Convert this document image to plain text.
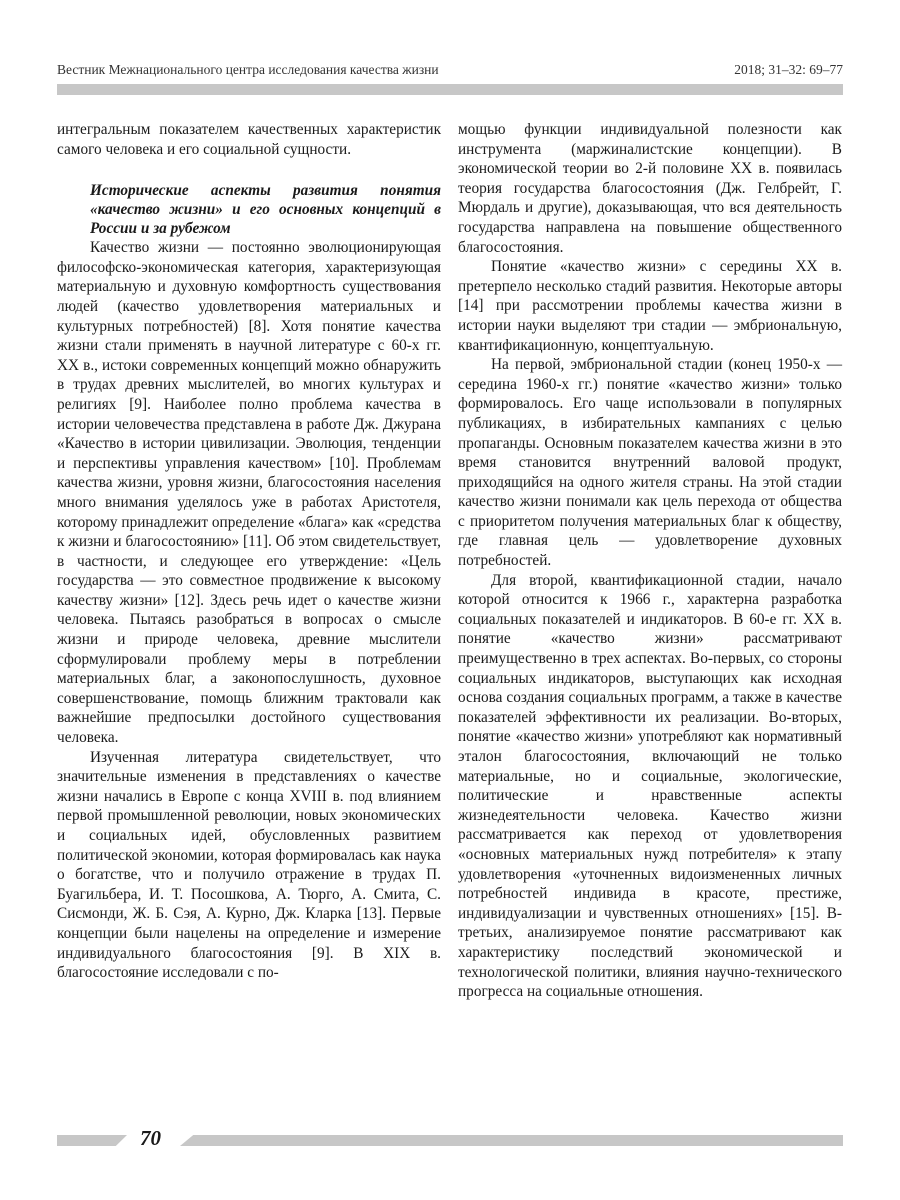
Вестник Межнационального центра исследования качества жизни	2018; 31–32: 69–77

интегральным показателем качественных характеристик самого человека и его социальной сущности.

Исторические аспекты развития понятия «качество жизни» и его основных концепций в России и за рубежом

Качество жизни — постоянно эволюционирующая философско-экономическая категория, характеризующая материальную и духовную комфортность существования людей (качество удовлетворения материальных и культурных потребностей) [8]. Хотя понятие качества жизни стали применять в научной литературе с 60-х гг. XX в., истоки современных концепций можно обнаружить в трудах древних мыслителей, во многих культурах и религиях [9]. Наиболее полно проблема качества в истории человечества представлена в работе Дж. Джурана «Качество в истории цивилизации. Эволюция, тенденции и перспективы управления качеством» [10]. Проблемам качества жизни, уровня жизни, благосостояния населения много внимания уделялось уже в работах Аристотеля, которому принадлежит определение «блага» как «средства к жизни и благосостоянию» [11]. Об этом свидетельствует, в частности, и следующее его утверждение: «Цель государства — это совместное продвижение к высокому качеству жизни» [12]. Здесь речь идет о качестве жизни человека. Пытаясь разобраться в вопросах о смысле жизни и природе человека, древние мыслители сформулировали проблему меры в потреблении материальных благ, а законопослушность, духовное совершенствование, помощь ближним трактовали как важнейшие предпосылки достойного существования человека.

Изученная литература свидетельствует, что значительные изменения в представлениях о качестве жизни начались в Европе с конца XVIII в. под влиянием первой промышленной революции, новых экономических и социальных идей, обусловленных развитием политической экономии, которая формировалась как наука о богатстве, что и получило отражение в трудах П. Буагильбера, И. Т. Посошкова, А. Тюрго, А. Смита, С. Сисмонди, Ж. Б. Сэя, А. Курно, Дж. Кларка [13]. Первые концепции были нацелены на определение и измерение индивидуального благосостояния [9]. В XIX в. благосостояние исследовали с по-

мощью функции индивидуальной полезности как инструмента (маржиналистские концепции). В экономической теории во 2-й половине XX в. появилась теория государства благосостояния (Дж. Гелбрейт, Г. Мюрдаль и другие), доказывающая, что вся деятельность государства направлена на повышение общественного благосостояния.

Понятие «качество жизни» с середины XX в. претерпело несколько стадий развития. Некоторые авторы [14] при рассмотрении проблемы качества жизни в истории науки выделяют три стадии — эмбриональную, квантификационную, концептуальную.

На первой, эмбриональной стадии (конец 1950-х — середина 1960-х гг.) понятие «качество жизни» только формировалось. Его чаще использовали в популярных публикациях, в избирательных кампаниях с целью пропаганды. Основным показателем качества жизни в это время становится внутренний валовой продукт, приходящийся на одного жителя страны. На этой стадии качество жизни понимали как цель перехода от общества с приоритетом получения материальных благ к обществу, где главная цель — удовлетворение духовных потребностей.

Для второй, квантификационной стадии, начало которой относится к 1966 г., характерна разработка социальных показателей и индикаторов. В 60-е гг. XX в. понятие «качество жизни» рассматривают преимущественно в трех аспектах. Во-первых, со стороны социальных индикаторов, выступающих как исходная основа создания социальных программ, а также в качестве показателей эффективности их реализации. Во-вторых, понятие «качество жизни» употребляют как нормативный эталон благосостояния, включающий не только материальные, но и социальные, экологические, политические и нравственные аспекты жизнедеятельности человека. Качество жизни рассматривается как переход от удовлетворения «основных материальных нужд потребителя» к этапу удовлетворения «уточненных видоизмененных личных потребностей индивида в красоте, престиже, индивидуализации и чувственных отношениях» [15]. В-третьих, анализируемое понятие рассматривают как характеристику последствий экономической и технологической политики, влияния научно-технического прогресса на социальные отношения.

70
